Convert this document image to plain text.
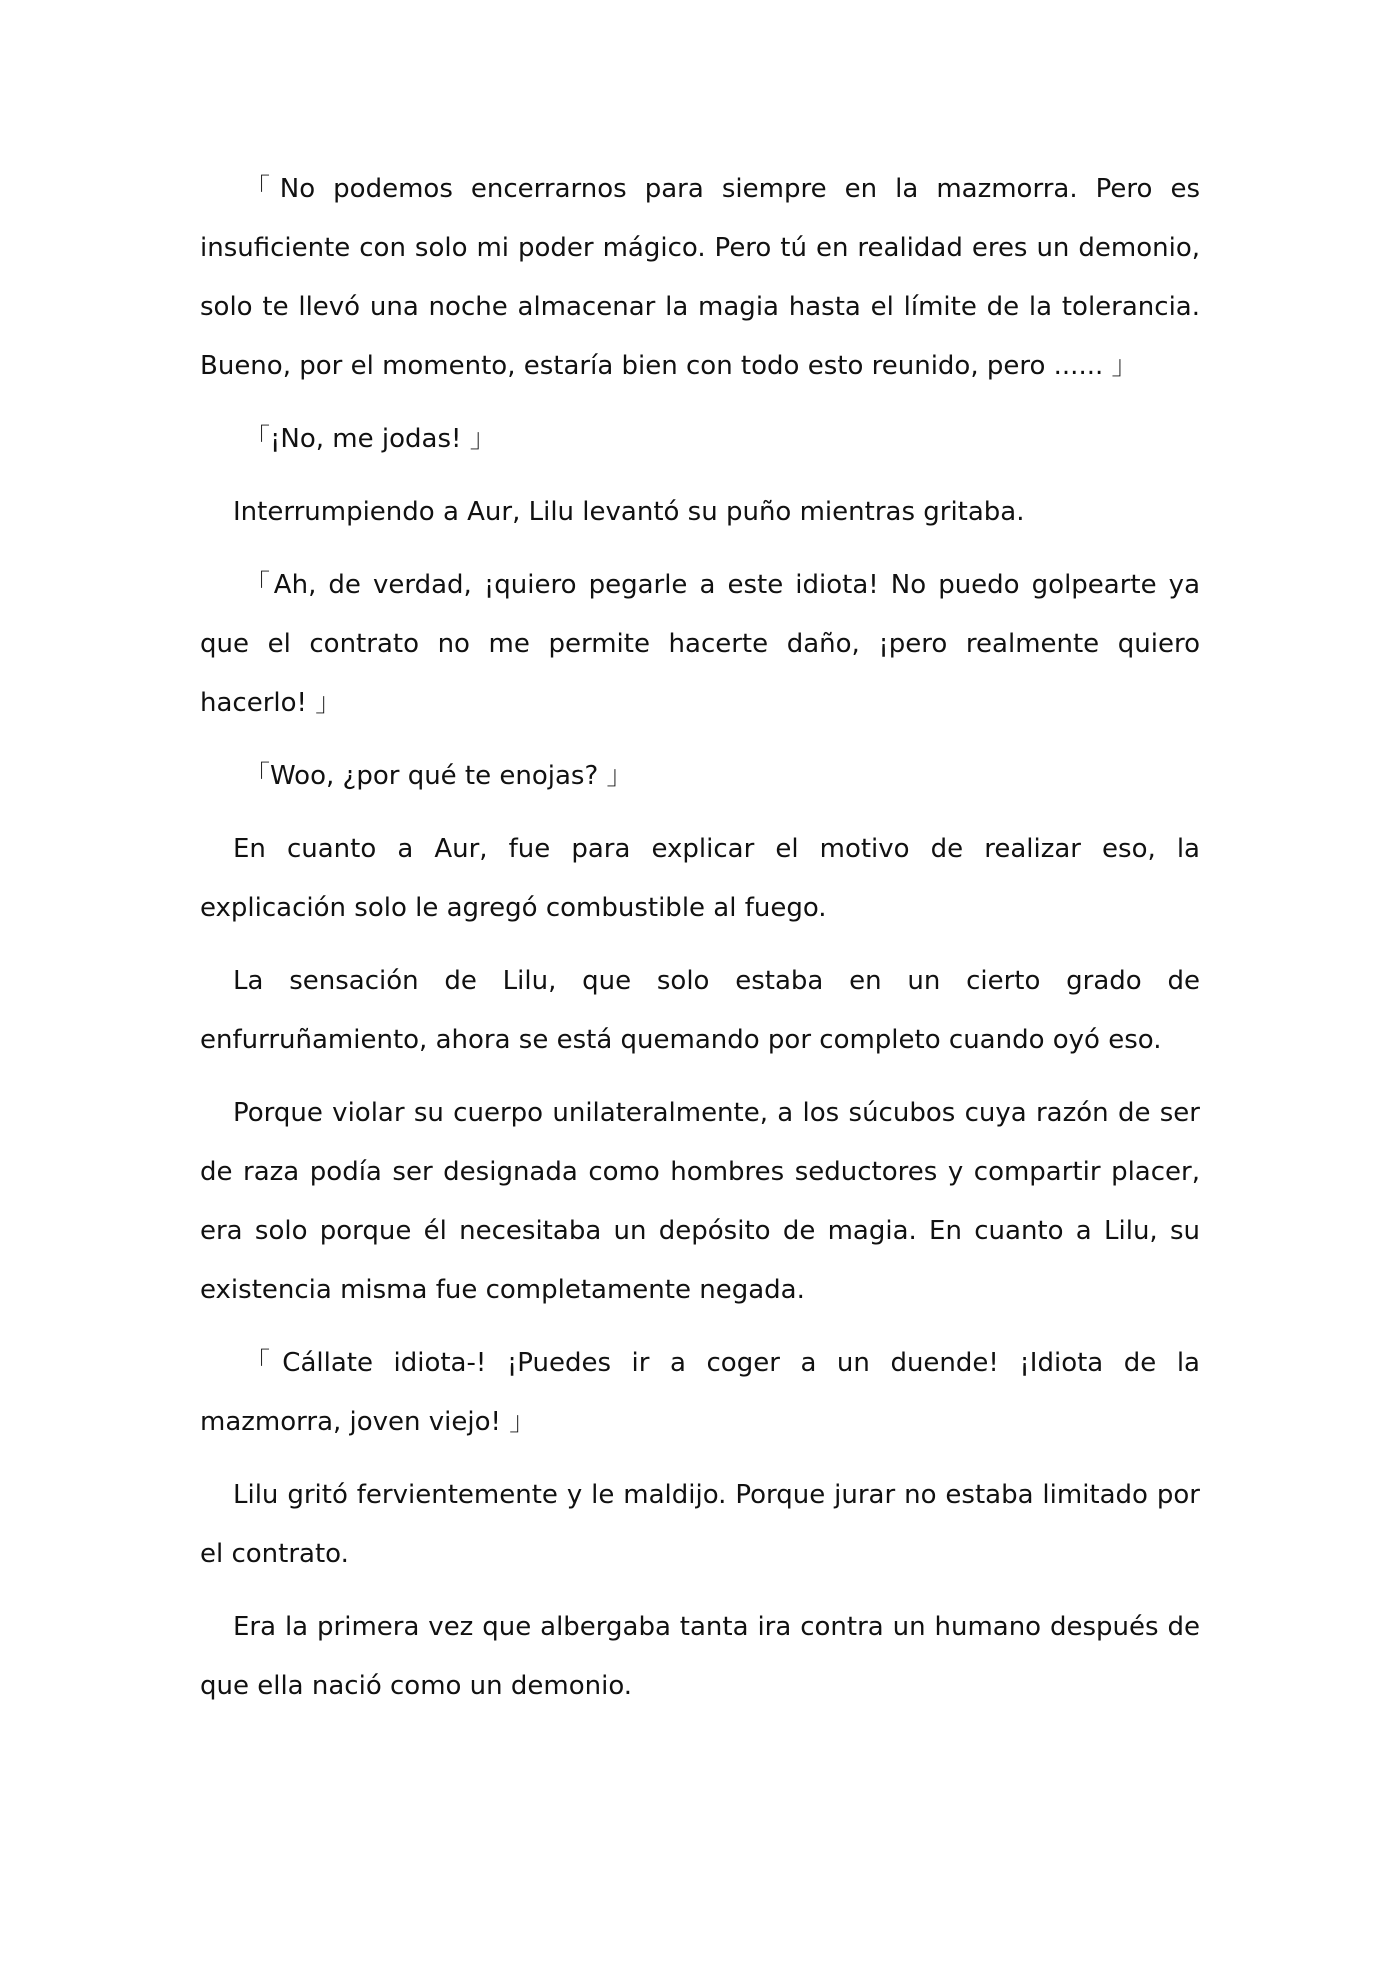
「No podemos encerrarnos para siempre en la mazmorra. Pero es insuficiente con solo mi poder mágico. Pero tú en realidad eres un demonio, solo te llevó una noche almacenar la magia hasta el límite de la tolerancia. Bueno, por el momento, estaría bien con todo esto reunido, pero ...... 」

「¡No, me jodas! 」

Interrumpiendo a Aur, Lilu levantó su puño mientras gritaba.

「Ah, de verdad, ¡quiero pegarle a este idiota! No puedo golpearte ya que el contrato no me permite hacerte daño, ¡pero realmente quiero hacerlo! 」

「Woo, ¿por qué te enojas? 」

En cuanto a Aur, fue para explicar el motivo de realizar eso, la explicación solo le agregó combustible al fuego.

La sensación de Lilu, que solo estaba en un cierto grado de enfurruñamiento, ahora se está quemando por completo cuando oyó eso.

Porque violar su cuerpo unilateralmente, a los súcubos cuya razón de ser de raza podía ser designada como hombres seductores y compartir placer, era solo porque él necesitaba un depósito de magia. En cuanto a Lilu, su existencia misma fue completamente negada.

「Cállate idiota-! ¡Puedes ir a coger a un duende! ¡Idiota de la mazmorra, joven viejo! 」

Lilu gritó fervientemente y le maldijo. Porque jurar no estaba limitado por el contrato.

Era la primera vez que albergaba tanta ira contra un humano después de que ella nació como un demonio.
